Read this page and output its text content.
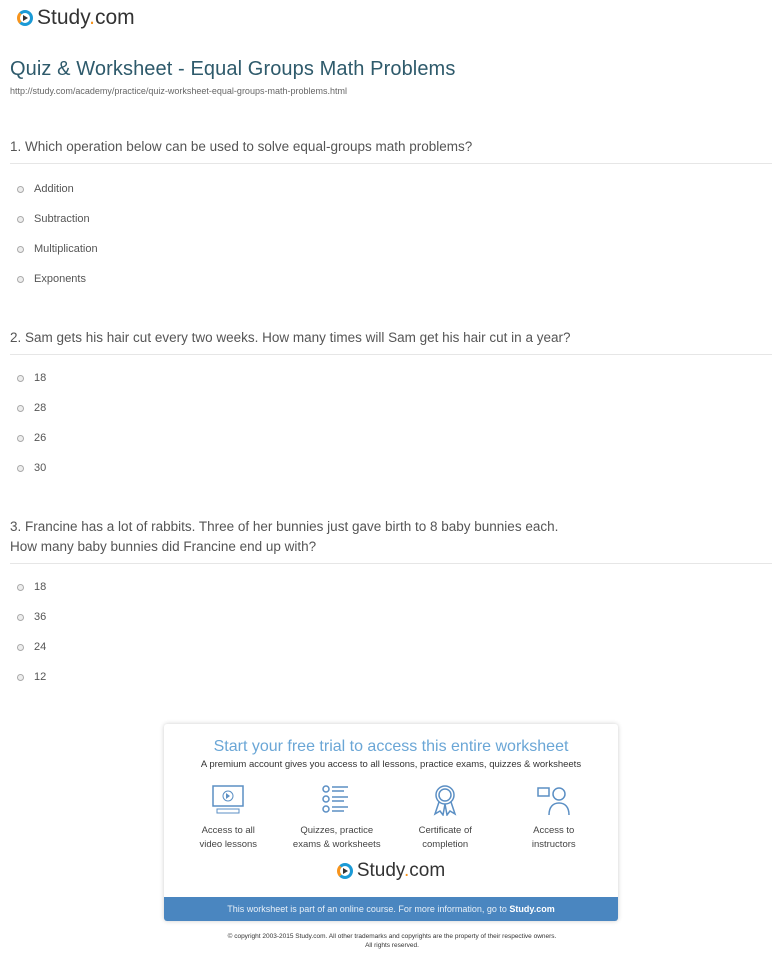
Study.com
Quiz & Worksheet - Equal Groups Math Problems
http://study.com/academy/practice/quiz-worksheet-equal-groups-math-problems.html
1. Which operation below can be used to solve equal-groups math problems?
Addition
Subtraction
Multiplication
Exponents
2. Sam gets his hair cut every two weeks. How many times will Sam get his hair cut in a year?
18
28
26
30
3. Francine has a lot of rabbits. Three of her bunnies just gave birth to 8 baby bunnies each.
How many baby bunnies did Francine end up with?
18
36
24
12
Start your free trial to access this entire worksheet
A premium account gives you access to all lessons, practice exams, quizzes & worksheets
Access to all
video lessons
Quizzes, practice
exams & worksheets
Certificate of
completion
Access to
instructors
Study.com
This worksheet is part of an online course. For more information, go to Study.com
© copyright 2003-2015 Study.com. All other trademarks and copyrights are the property of their respective owners.
All rights reserved.
